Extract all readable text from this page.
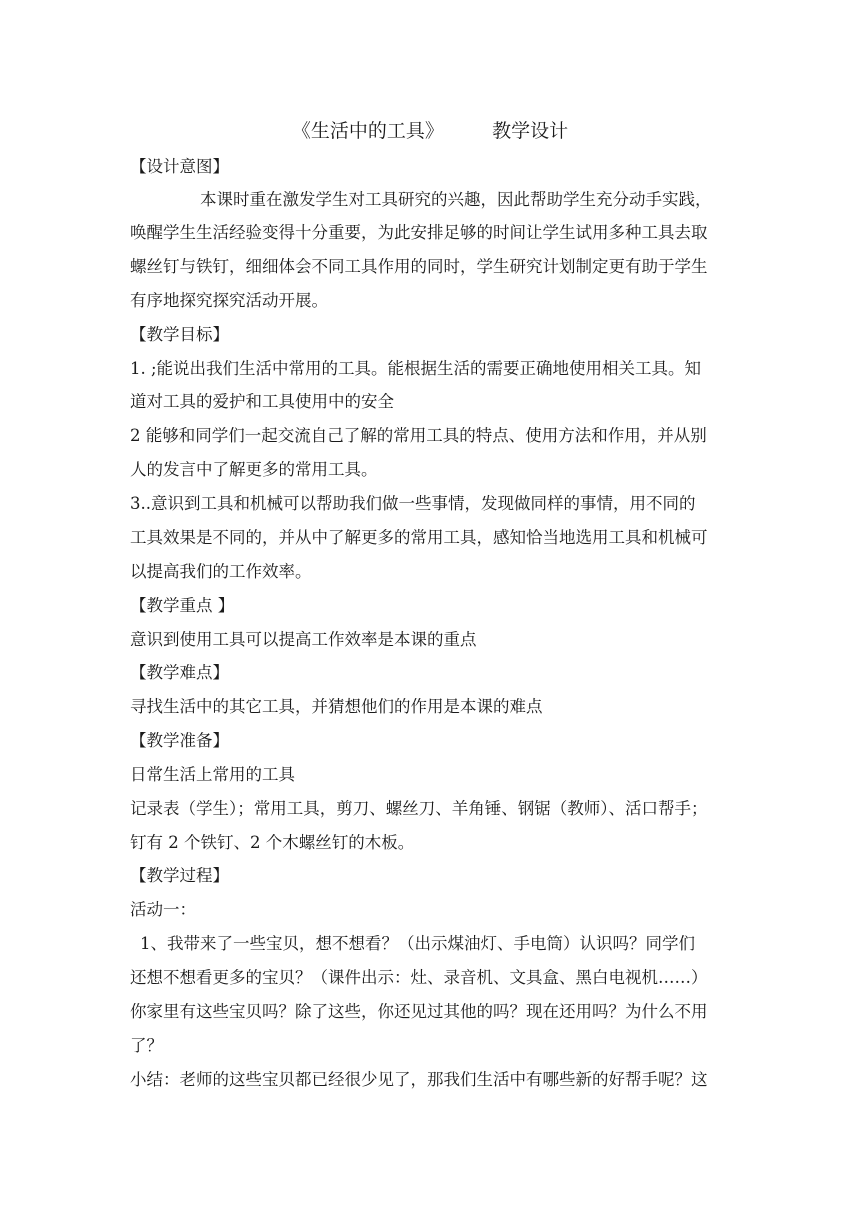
《生活中的工具》        教学设计
【设计意图】
本课时重在激发学生对工具研究的兴趣，因此帮助学生充分动手实践，
唤醒学生生活经验变得十分重要，为此安排足够的时间让学生试用多种工具去取
螺丝钉与铁钉，细细体会不同工具作用的同时，学生研究计划制定更有助于学生
有序地探究探究活动开展。
【教学目标】
1. ;能说出我们生活中常用的工具。能根据生活的需要正确地使用相关工具。知
道对工具的爱护和工具使用中的安全
2 能够和同学们一起交流自己了解的常用工具的特点、使用方法和作用，并从别
人的发言中了解更多的常用工具。
3..意识到工具和机械可以帮助我们做一些事情，发现做同样的事情，用不同的
工具效果是不同的，并从中了解更多的常用工具，感知恰当地选用工具和机械可
以提高我们的工作效率。
【教学重点 】
意识到使用工具可以提高工作效率是本课的重点
【教学难点】
寻找生活中的其它工具，并猜想他们的作用是本课的难点
【教学准备】
日常生活上常用的工具
记录表（学生）；常用工具，剪刀、螺丝刀、羊角锤、钢锯（教师）、活口帮手；
钉有 2 个铁钉、2 个木螺丝钉的木板。
【教学过程】
活动一：
1、我带来了一些宝贝，想不想看？（出示煤油灯、手电筒）认识吗？同学们
还想不想看更多的宝贝？（课件出示：灶、录音机、文具盒、黑白电视机……）
你家里有这些宝贝吗？除了这些，你还见过其他的吗？现在还用吗？为什么不用
了？
小结：老师的这些宝贝都已经很少见了，那我们生活中有哪些新的好帮手呢？这
